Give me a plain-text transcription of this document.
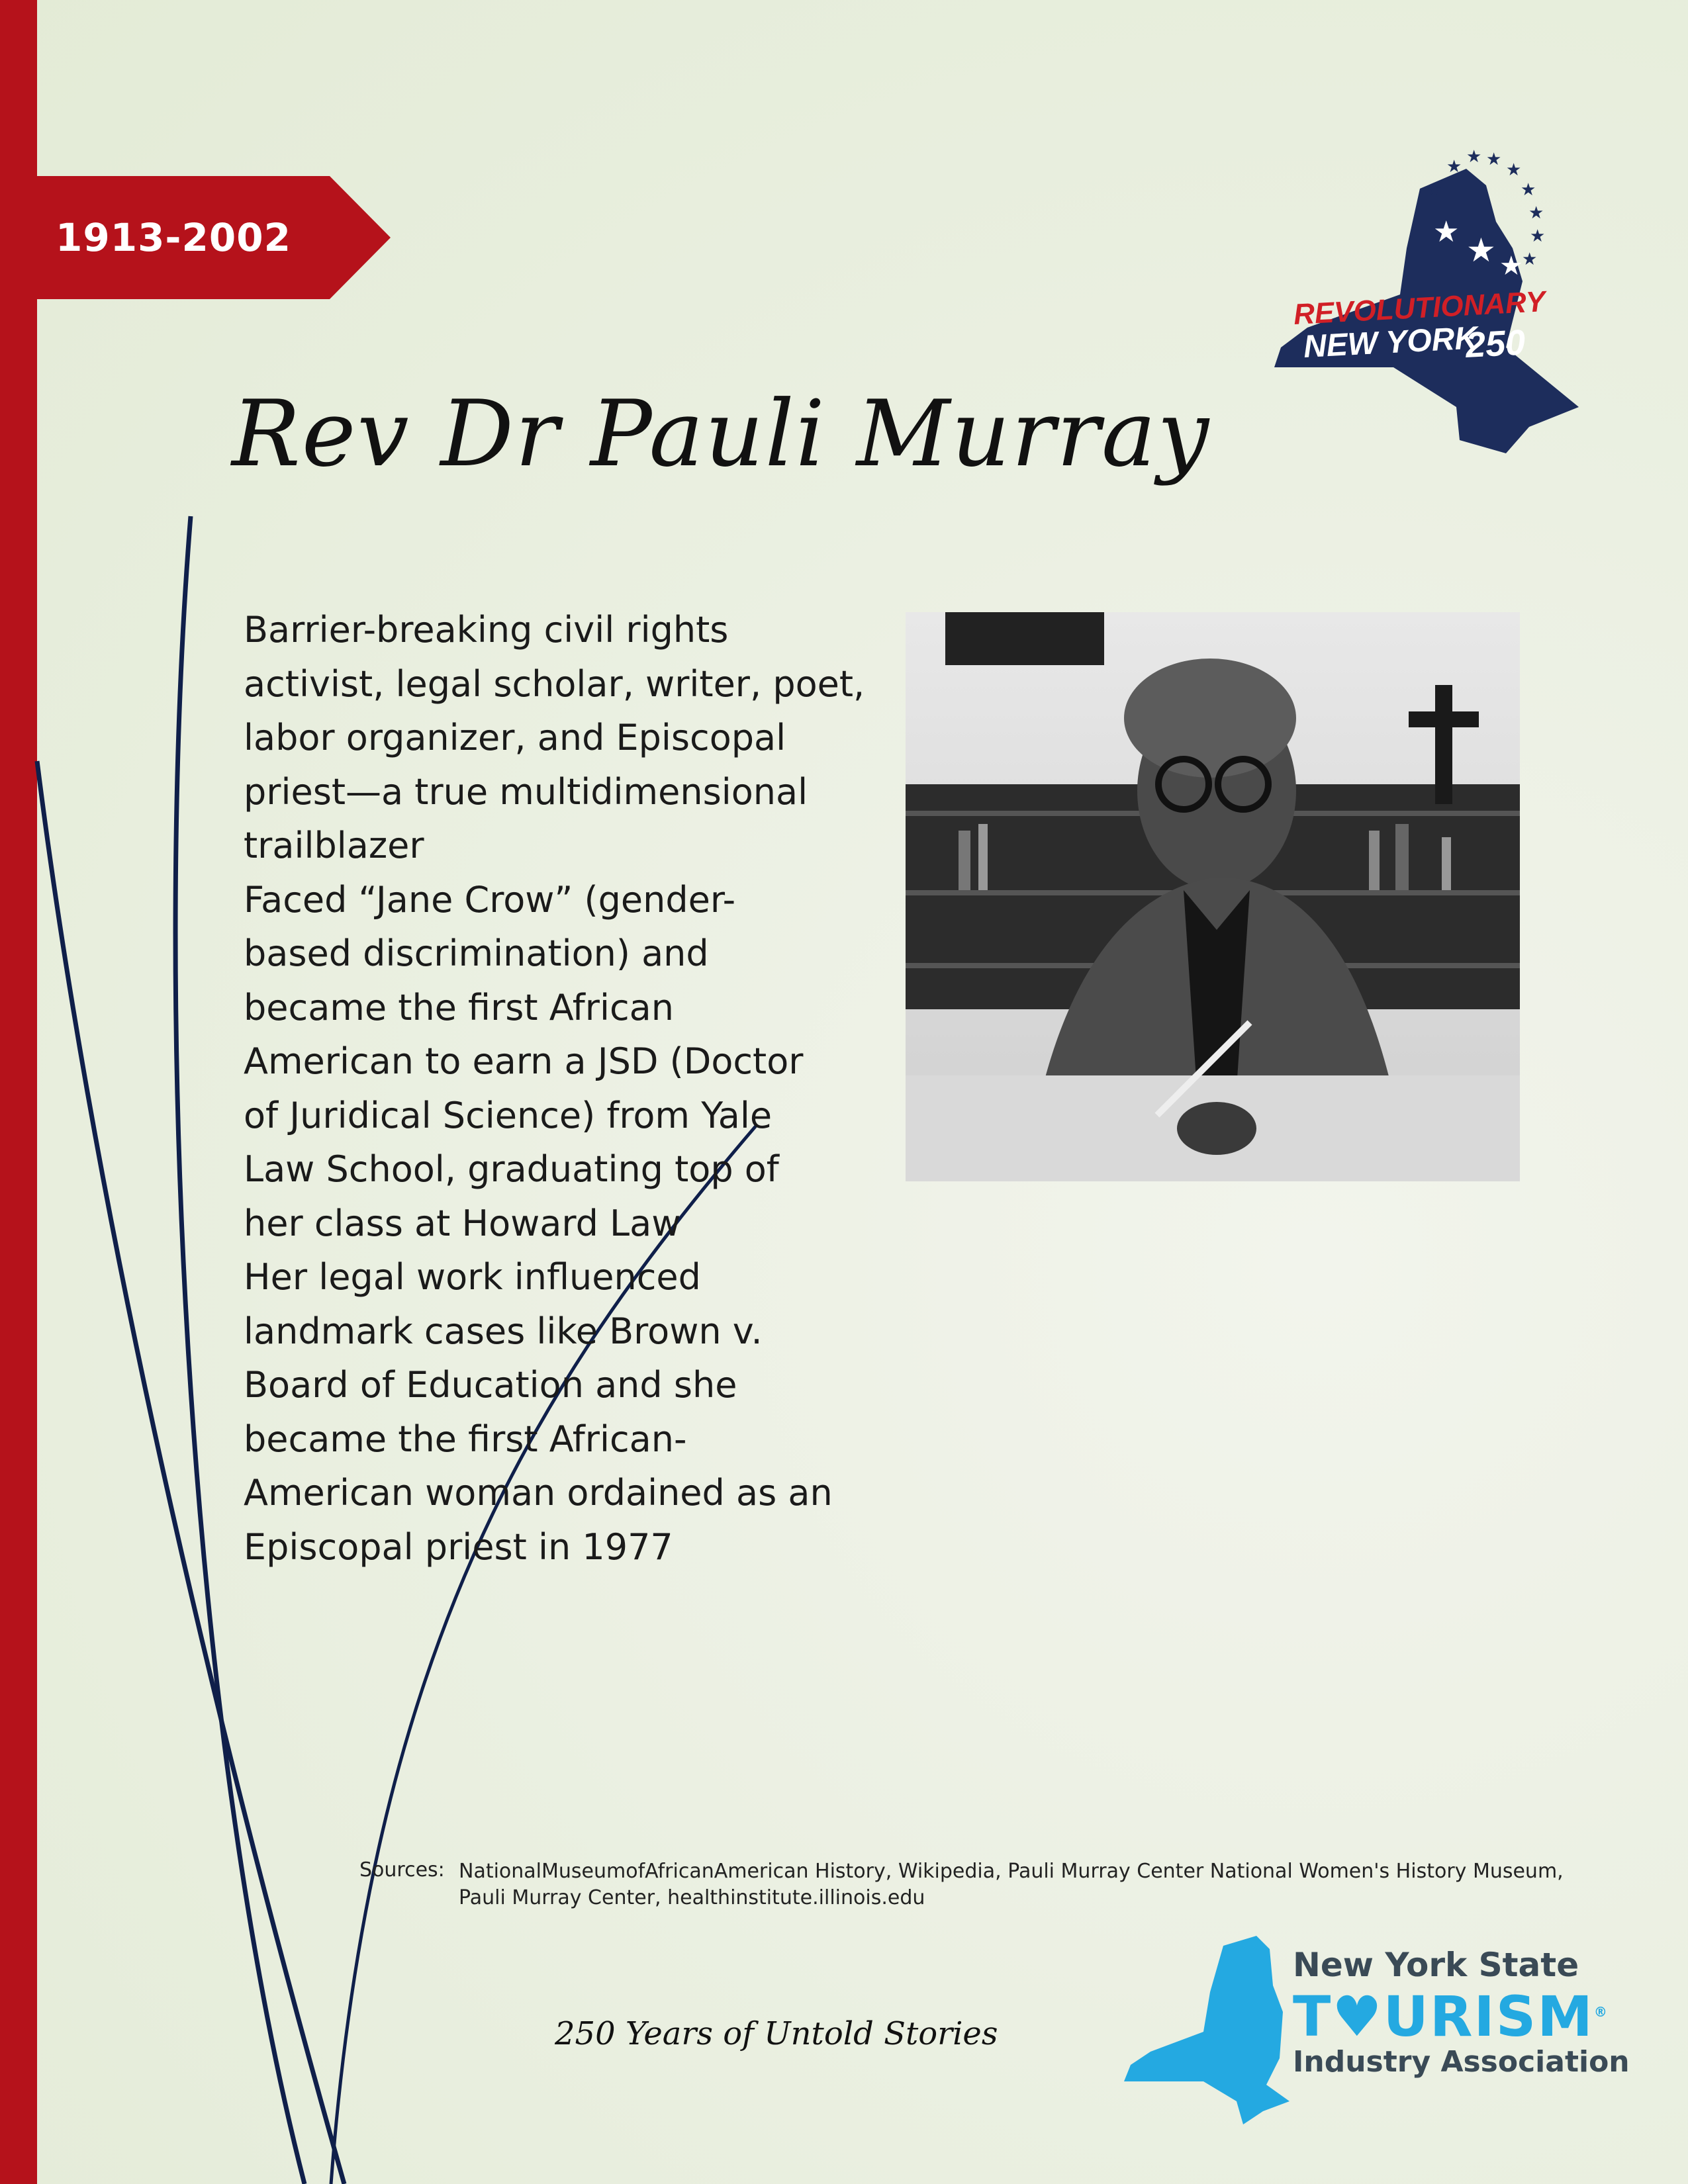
1913-2002
★ ★ ★
★
★
★
★
★
★
★ ★ ★
REVOLUTIONARY
NEW YORK
250
Rev Dr Pauli Murray
Barrier-breaking civil rights
activist, legal scholar, writer, poet,
labor organizer, and Episcopal
priest—a true multidimensional
trailblazer
Faced “Jane Crow” (gender-
based discrimination) and
became the first African
American to earn a JSD (Doctor
of Juridical Science) from Yale
Law School, graduating top of
her class at Howard Law
Her legal work influenced
landmark cases like Brown v.
Board of Education and she
became the first African-
American woman ordained as an
Episcopal priest in 1977
Sources: NationalMuseumofAfricanAmerican History, Wikipedia, Pauli Murray Center National Women's History Museum, Pauli Murray Center, healthinstitute.illinois.edu
250 Years of Untold Stories
New York State
T♥URISM®
Industry Association
